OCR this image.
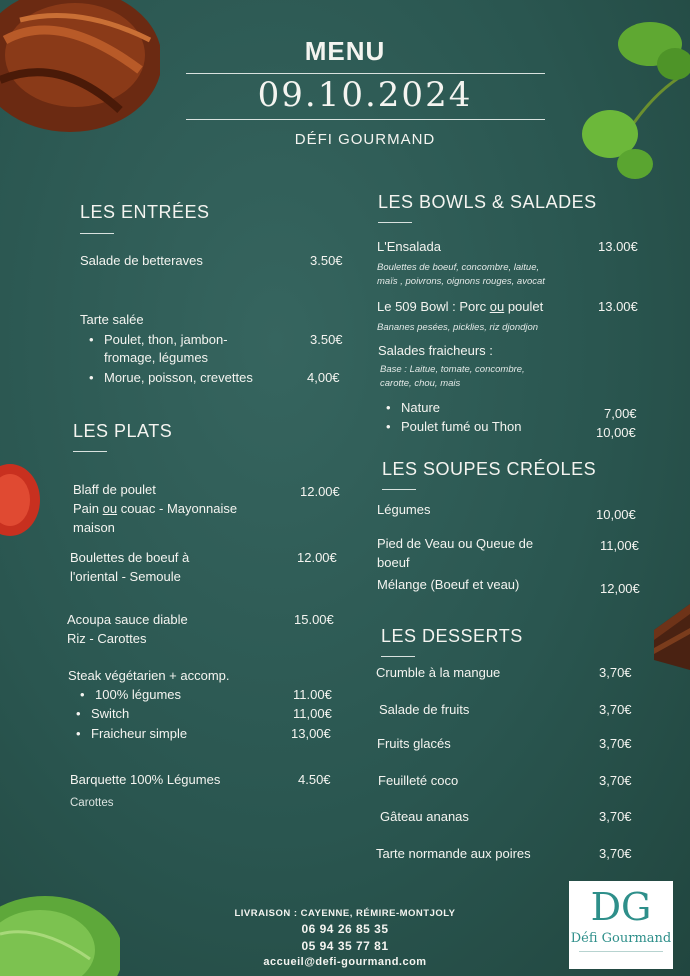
MENU
09.10.2024
DÉFI GOURMAND
LES ENTRÉES
Salade de betteraves	3.50€
Tarte salée
• Poulet, thon, jambon-
fromage, légumes
3.50€
• Morue, poisson, crevettes	4,00€
LES PLATS
Blaff de poulet
Pain ou couac - Mayonnaise
maison
12.00€
Boulettes de boeuf à
l'oriental - Semoule
12.00€
Acoupa sauce diable
Riz - Carottes
15.00€
Steak végétarien + accomp.
• 100% légumes	11.00€
• Switch	11,00€
• Fraicheur simple	13,00€
Barquette 100% Légumes	4.50€
Carottes
LES BOWLS & SALADES
L'Ensalada	13.00€
Boulettes de boeuf, concombre, laitue,
maïs , poivrons, oignons rouges, avocat
Le 509 Bowl : Porc ou poulet	13.00€
Bananes pesées, picklies, riz djondjon
Salades fraicheurs :
Base : Laitue, tomate, concombre,
carotte, chou, mais
• Nature	7,00€
• Poulet fumé ou Thon	10,00€
LES SOUPES CRÉOLES
Légumes	10,00€
Pied de Veau ou Queue de
boeuf
11,00€
Mélange (Boeuf et veau)	12,00€
LES DESSERTS
Crumble à la mangue	3,70€
Salade de fruits	3,70€
Fruits glacés	3,70€
Feuilleté coco	3,70€
Gâteau ananas	3,70€
Tarte normande aux poires	3,70€
LIVRAISON : CAYENNE, RÉMIRE-MONTJOLY
06 94 26 85 35
05 94 35 77 81
accueil@defi-gourmand.com
DG
Défi Gourmand
